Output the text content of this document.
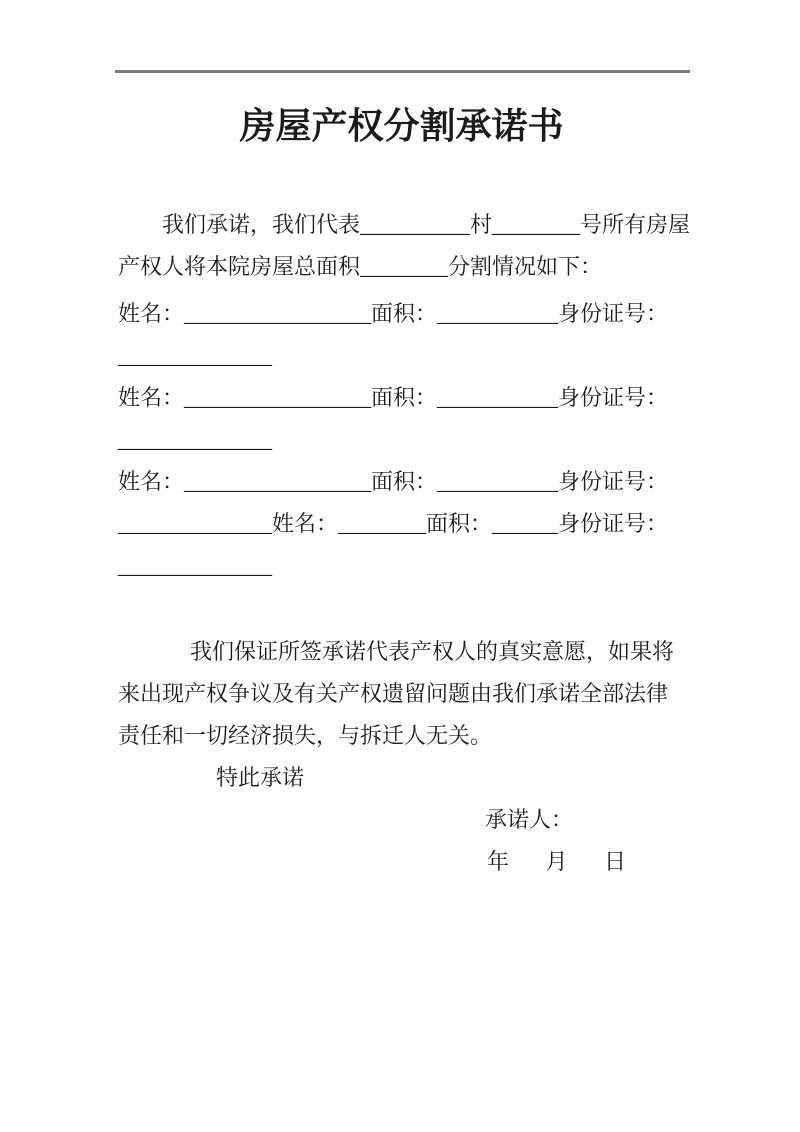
房屋产权分割承诺书

我们承诺，我们代表__________村________号所有房屋

产权人将本院房屋总面积________分割情况如下：

姓名：_________________面积：___________身份证号：

______________

姓名：_________________面积：___________身份证号：

______________

姓名：_________________面积：___________身份证号：

______________姓名：________面积：______身份证号：

______________

我们保证所签承诺代表产权人的真实意愿，如果将

来出现产权争议及有关产权遗留问题由我们承诺全部法律

责任和一切经济损失，与拆迁人无关。

特此承诺

承诺人：

年 月 日
